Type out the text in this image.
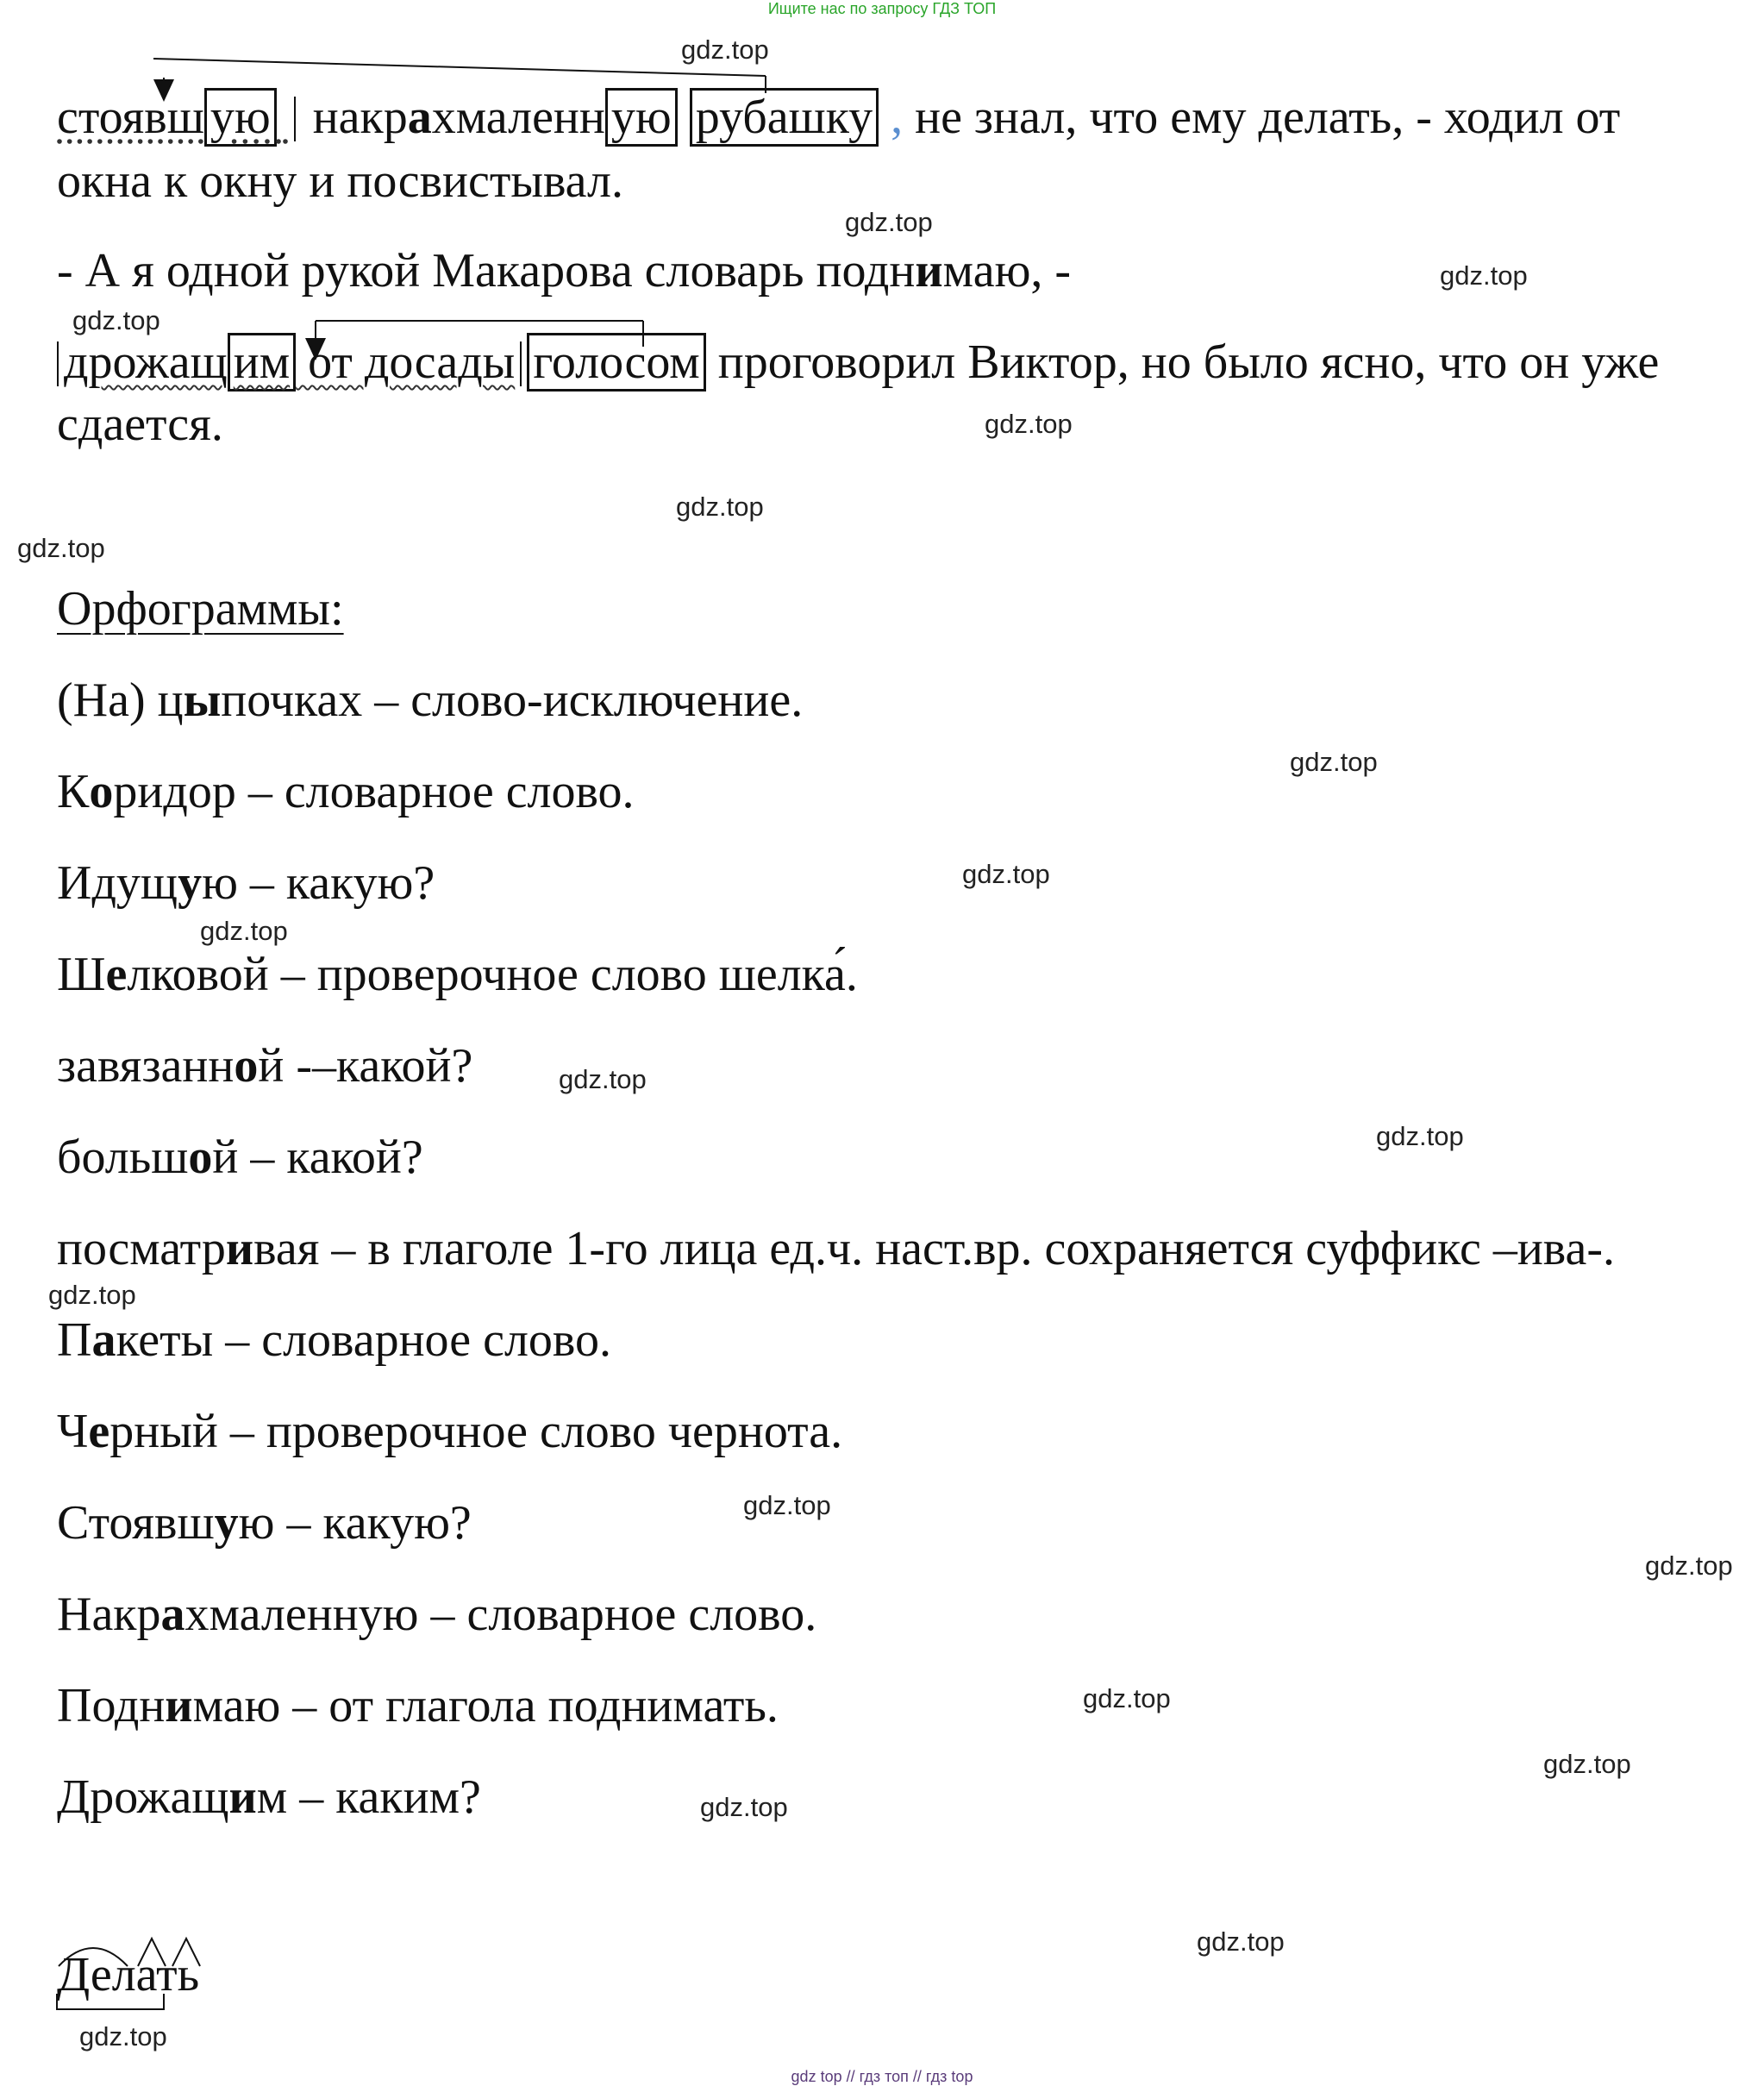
Ищите нас по запросу ГДЗ ТОП
стоявш ую  накрахмаленн ую рубашку , не знал, что ему делать, - ходил от
окна к окну и посвистывал.
- А я одной рукой Макарова словарь поднимаю, -
дрожащ им от досады голосом проговорил Виктор, но было ясно, что он уже
сдается.
Орфограммы:
(На) цыпочках – слово-исключение.
Коридор – словарное слово.
Идущую – какую?
Шелковой – проверочное слово шелка́.
завязанной -–какой?
большой – какой?
посматривая – в глаголе 1-го лица ед.ч. наст.вр. сохраняется суффикс –ива-.
Пакеты – словарное слово.
Черный – проверочное слово чернота.
Стоявшую – какую?
Накрахмаленную – словарное слово.
Поднимаю – от глагола поднимать.
Дрожащим – каким?
Делать
gdz.top
gdz.top
gdz.top
gdz.top
gdz.top
gdz.top
gdz.top
gdz.top
gdz.top
gdz.top
gdz.top
gdz.top
gdz.top
gdz.top
gdz.top
gdz.top
gdz.top
gdz.top
gdz.top
gdz.top
gdz top // гдз топ // гдз top
